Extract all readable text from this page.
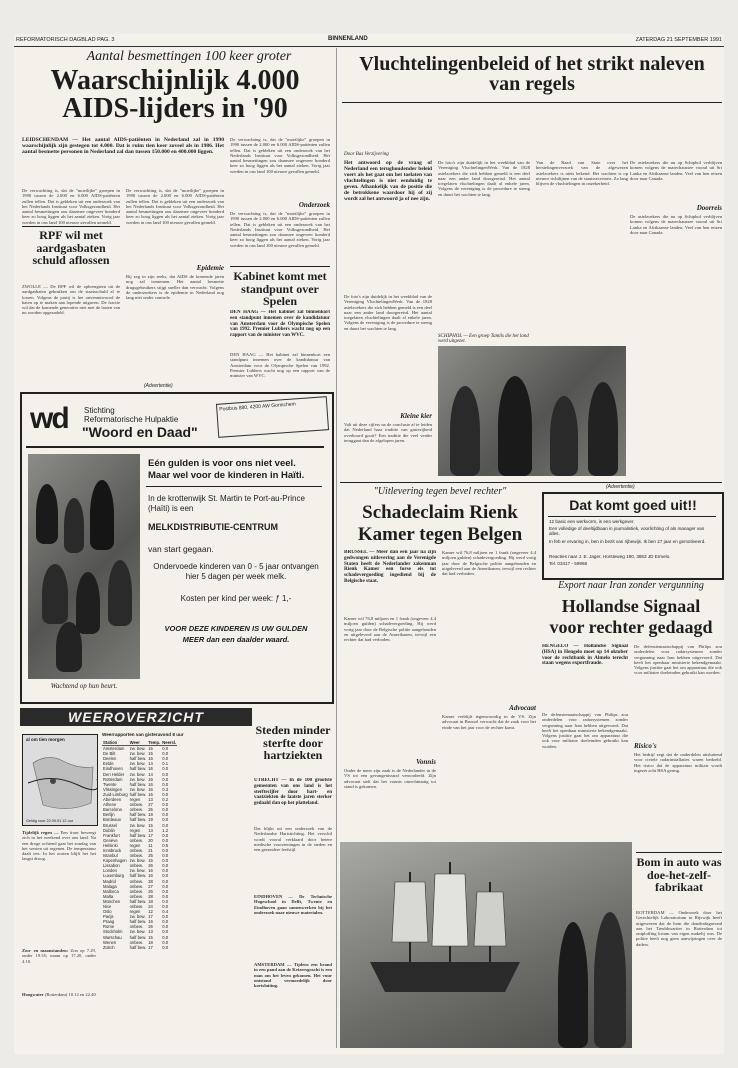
REFORMATORISCH DAGBLAD PAG. 3	BINNENLAND	ZATERDAG 21 SEPTEMBER 1991
Aantal besmettingen 100 keer groter
Waarschijnlijk 4.000 AIDS-lijders in '90
LEIDSCHENDAM — Het aantal AIDS-patiënten in Nederland zal in 1990 waarschijnlijk zijn gestegen tot 4.000. Dat is ruim tien keer zoveel als in 1986. Het aantal besmette personen in Nederland zal dan tussen 150.000 en 400.000 liggen.
De verwachting is, dat de "moeilijke" groepen in 1990 tussen de 2.000 en 6.000 AIDS-patiënten zullen tellen. Dat is gebleken uit een onderzoek van het Nederlands Instituut voor Volksgezondheid. Het aantal besmettingen zou daarmee ongeveer honderd keer zo hoog liggen als het aantal zieken. Vorig jaar werden in ons land 100 nieuwe gevallen gemeld.
De verwachting is, dat de "moeilijke" groepen in 1990 tussen de 2.000 en 6.000 AIDS-patiënten zullen tellen. Dat is gebleken uit een onderzoek van het Nederlands Instituut voor Volksgezondheid. Het aantal besmettingen zou daarmee ongeveer honderd keer zo hoog liggen als het aantal zieken. Vorig jaar werden in ons land 100 nieuwe gevallen gemeld.
De verwachting is, dat de "moeilijke" groepen in 1990 tussen de 2.000 en 6.000 AIDS-patiënten zullen tellen. Dat is gebleken uit een onderzoek van het Nederlands Instituut voor Volksgezondheid. Het aantal besmettingen zou daarmee ongeveer honderd keer zo hoog liggen als het aantal zieken. Vorig jaar werden in ons land 100 nieuwe gevallen gemeld.
Onderzoek
De verwachting is, dat de "moeilijke" groepen in 1990 tussen de 2.000 en 6.000 AIDS-patiënten zullen tellen. Dat is gebleken uit een onderzoek van het Nederlands Instituut voor Volksgezondheid. Het aantal besmettingen zou daarmee ongeveer honderd keer zo hoog liggen als het aantal zieken. Vorig jaar werden in ons land 100 nieuwe gevallen gemeld.
RPF wil met aardgasbaten schuld aflossen
ZWOLLE — De RPF wil de opbrengsten uit de aardgasbaten gebruiken om de staatsschuld af te lossen. Volgens de partij is het onverantwoord de baten op te maken aan lopende uitgaven. De fractie wil dat de komende generaties niet met de lasten van nu worden opgezadeld.
Epidemie
Bij zeg in zijn reeks, dat AIDS de komende jaren nog zal toenemen. Het aantal besmette drugsgebruikers stijgt sneller dan verwacht. Volgens de onderzoekers is de epidemie in Nederland nog lang niet onder controle.
Kabinet komt met standpunt over Spelen
DEN HAAG — Het kabinet zal binnenkort een standpunt innemen over de kandidatuur van Amsterdam voor de Olympische Spelen van 1992. Premier Lubbers wacht nog op een rapport van de minister van WVC.
DEN HAAG — Het kabinet zal binnenkort een standpunt innemen over de kandidatuur van Amsterdam voor de Olympische Spelen van 1992. Premier Lubbers wacht nog op een rapport van de minister van WVC.
(Advertentie)
wd Stichting
Reformatorische Hulpaktie
"Woord en Daad"
Postbus 880, 4200 AW Gorinchem
Wachtend op hun beurt.
Eén gulden is voor ons niet veel.
Maar wel voor de kinderen in Haïti.
In de krottenwijk St. Martin te Port-au-Prince (Haïti) is een
MELKDISTRIBUTIE-CENTRUM
van start gegaan.
Ondervoede kinderen van 0 - 5 jaar ontvangen hier 5 dagen per week melk.
Kosten per kind per week: ƒ 1,-
VOOR DEZE KINDEREN IS UW GULDEN
MEER dan een daalder waard.
WEEROVERZICHT
al om tien morgen
Geldig voor 22.09.91 12 uur
Tijdelijk regen — Een front beweegt zich in het weekend over ons land. Na een droge ochtend gaat het zondag van het westen uit regenen. De temperatuur daalt iets. In het oosten blijft het het langst droog.
Zon- en maanstanden: Zon op 7.29, onder 19.35; maan op 17.20, onder 4.10.
Hoogwater (Rotterdam) 10.12 en 22.40
Weerrapporten van gisteravond 8 uur
Station	Weer	Temp.	Neersl.
Amsterdam	zw. bew.	15	0.0
De Bilt	zw. bew.	15	0.0
Deelen	half bew.	16	0.0
Eelde	zw. bew.	14	0.1
Eindhoven	half bew.	16	0.0
Den Helder	zw. bew.	14	0.0
Rotterdam	zw. bew.	16	0.0
Twente	half bew.	16	0.0
Vlissingen	zw. bew.	16	0.3
Zuid-Limburg	half bew.	16	0.0
Aberdeen	regen	13	0.2
Athene	onbew.	27	0.0
Barcelona	onbew.	25	0.0
Berlijn	half bew.	18	0.0
Bordeaux	half bew.	19	0.0
Brussel	zw. bew.	15	0.0
Dublin	regen	13	1.2
Frankfurt	half bew.	17	0.0
Genève	onbew.	20	0.0
Helsinki	regen	11	0.5
Innsbruck	onbew.	21	0.0
Istanbul	onbew.	25	0.0
Kopenhagen	zw. bew.	15	0.0
Lissabon	onbew.	26	0.0
Londen	zw. bew.	16	0.0
Luxemburg	half bew.	16	0.0
Madrid	onbew.	28	0.0
Malaga	onbew.	27	0.0
Mallorca	onbew.	26	0.0
Malta	onbew.	28	0.0
München	half bew.	18	0.0
Nice	onbew.	24	0.0
Oslo	regen	12	0.4
Parijs	zw. bew.	17	0.0
Praag	half bew.	16	0.0
Rome	onbew.	26	0.0
Stockholm	zw. bew.	13	0.0
Warschau	half bew.	15	0.0
Wenen	onbew.	18	0.0
Zürich	half bew.	17	0.0
Steden minder sterfte door hartziekten
UTRECHT — In de 100 grootste gemeenten van ons land is het sterftecijfer door hart- en vaatziekten de laatste jaren sterker gedaald dan op het platteland.
Dat blijkt uit een onderzoek van de Nederlandse Hartstichting. Het verschil wordt vooral verklaard door betere medische voorzieningen in de steden en een gezondere leefstijl.
EINDHOVEN — De Technische Hogeschool in Delft, Twente en Eindhoven gaan samenwerken bij het onderzoek naar nieuwe materialen.
AMSTERDAM — Tijdens een brand in een pand aan de Keizersgracht is een man om het leven gekomen. Het vuur ontstond vermoedelijk door kortsluiting.
Vluchtelingenbeleid of het strikt naleven van regels
Door Bas Verzijvering
Het antwoord op de vraag of Nederland een terughoudender beleid voert als het gaat om het toelaten van vluchtelingen is niet eenduidig te geven. Afhankelijk van de positie die de betrokkene waardoor hij of zij wordt zal het antwoord ja of nee zijn.
De foto's zijn duidelijk in het weekblad van de Vereniging VluchtelingenWerk. Van de 1828 asielzoekers die zich hebben gemeld is een deel naar een ander land doorgereisd. Het aantal toegelaten vluchtelingen daalt al enkele jaren. Volgens de vereniging is de procedure te streng en duurt het wachten te lang.
De foto's zijn duidelijk in het weekblad van de Vereniging VluchtelingenWerk. Van de 1828 asielzoekers die zich hebben gemeld is een deel naar een ander land doorgereisd. Het aantal toegelaten vluchtelingen daalt al enkele jaren. Volgens de vereniging is de procedure te streng en duurt het wachten te lang.
SCHIPHOL — Een groep Tamils die het land werd uitgezet.
Kleine kier
Valt uit deze cijfers na de conclusie af te leiden dat Nederland haar traditie van gastvrijheid overboord gooit? Een traditie die veel verder teruggaat dan de afgelopen jaren.
Van de Raad van State over het herstelingenverzoek van de afgewezen asielzoekers is niets bekend. Het wachten is op nieuwe richtlijnen van de staatssecretaris. Zo lang blijven de vluchtelingen in onzekerheid.
Doorreis
De asielzoekers die nu op Schiphol verblijven komen volgens de marechaussee vooral uit Sri Lanka en Afrikaanse landen. Veel van hen reizen door naar Canada.
De asielzoekers die nu op Schiphol verblijven komen volgens de marechaussee vooral uit Sri Lanka en Afrikaanse landen. Veel van hen reizen door naar Canada.
"Uitlevering tegen bevel rechter"
Schadeclaim Rienk Kamer tegen Belgen
BRUSSEL — Meer dan een jaar na zijn gedwongen uitlevering aan de Verenigde Staten heeft de Nederlander zakenman Rienk Kamer een forse eis tot schadevergoeding ingediend bij de Belgische staat.
Kamer wil 76,8 miljoen en 1 frank (ongeveer 4,4 miljoen gulden) schadevergoeding. Hij werd vorig jaar door de Belgische politie aangehouden en uitgeleverd aan de Amerikanen, terwijl een rechter dat had verboden.
Vonnis
Onder de meer zijn zaak is de Nederlander in de VS tot een gevangenisstraf veroordeeld. Zijn advocaat stelt dat het vonnis onrechtmatig tot stand is gekomen.
Kamer wil 76,8 miljoen en 1 frank (ongeveer 4,4 miljoen gulden) schadevergoeding. Hij werd vorig jaar door de Belgische politie aangehouden en uitgeleverd aan de Amerikanen, terwijl een rechter dat had verboden.
Advocaat
Kamer verblijft tegenwoordig in de VS. Zijn advocaat in Brussel verwacht dat de zaak voor het einde van het jaar voor de rechter komt.
(Advertentie)
Dat komt goed uit!!
12 basic een werkvorm, is een werkgever.
Een volledige of deeltijdbaan in journalistiek, voorlichting of als manager van alles.
In feb er ervaring in, ben in bezit van rijbewijs. Ik ben 27 jaar en gemotiveerd.
Reacties naar J. E. Jager, Horsteweg 190, 3853 JD Ermelo.
Tel. 03417 - 59968
Export naar Iran zonder vergunning
Hollandse Signaal voor rechter gedaagd
HENGELO — Hollandse Signaal (HSA) in Hengelo moet op 14 oktober voor de rechtbank in Almelo terecht staan wegens exportfraude.
De defensiemaatschappij van Philips zou onderdelen voor radarsystemen zonder vergunning naar Iran hebben uitgevoerd. Dat heeft het openbaar ministerie bekendgemaakt. Volgens justitie gaat het om apparatuur die ook voor militaire doeleinden gebruikt kan worden.
De defensiemaatschappij van Philips zou onderdelen voor radarsystemen zonder vergunning naar Iran hebben uitgevoerd. Dat heeft het openbaar ministerie bekendgemaakt. Volgens justitie gaat het om apparatuur die ook voor militaire doeleinden gebruikt kan worden.
Risico's
Het bedrijf zegt dat de onderdelen uitsluitend voor civiele radarinstallaties waren bedoeld. Het risico dat de apparatuur militair wordt ingezet acht HSA gering.
Bom in auto was doe-het-zelf-fabrikaat
ROTTERDAM — Onderzoek door het Gerechtelijk Laboratorium in Rijswijk heeft uitgewezen dat de bom die donderdagavond aan het Treubkwartier in Rotterdam tot ontploffing kwam van eigen makelij was. De politie heeft nog geen aanwijzingen over de daders.
